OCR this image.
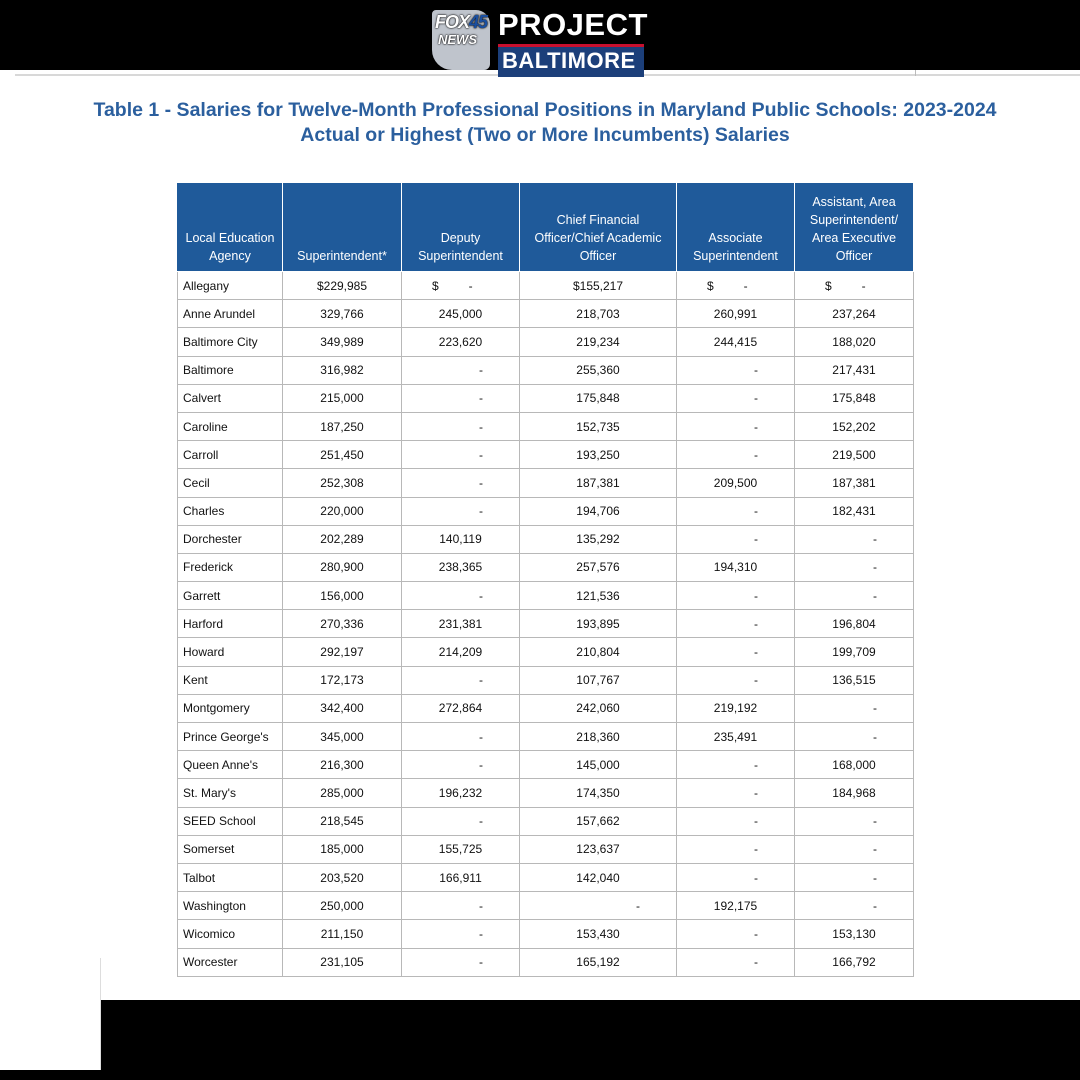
FOX45
NEWS PROJECT
BALTIMORE
Table 1 - Salaries for Twelve-Month Professional Positions in Maryland Public Schools: 2023-2024
Actual or Highest (Two or More Incumbents) Salaries
Local Education Agency	Superintendent*	Deputy Superintendent	Chief Financial Officer/Chief Academic Officer	Associate Superintendent	Assistant, Area Superintendent/ Area Executive Officer
Allegany	$229,985	$         -	$155,217	$         -	$         -
Anne Arundel	329,766	245,000	218,703	260,991	237,264
Baltimore City	349,989	223,620	219,234	244,415	188,020
Baltimore	316,982	-	255,360	-	217,431
Calvert	215,000	-	175,848	-	175,848
Caroline	187,250	-	152,735	-	152,202
Carroll	251,450	-	193,250	-	219,500
Cecil	252,308	-	187,381	209,500	187,381
Charles	220,000	-	194,706	-	182,431
Dorchester	202,289	140,119	135,292	-	-
Frederick	280,900	238,365	257,576	194,310	-
Garrett	156,000	-	121,536	-	-
Harford	270,336	231,381	193,895	-	196,804
Howard	292,197	214,209	210,804	-	199,709
Kent	172,173	-	107,767	-	136,515
Montgomery	342,400	272,864	242,060	219,192	-
Prince George's	345,000	-	218,360	235,491	-
Queen Anne's	216,300	-	145,000	-	168,000
St. Mary's	285,000	196,232	174,350	-	184,968
SEED School	218,545	-	157,662	-	-
Somerset	185,000	155,725	123,637	-	-
Talbot	203,520	166,911	142,040	-	-
Washington	250,000	-	-	192,175	-
Wicomico	211,150	-	153,430	-	153,130
Worcester	231,105	-	165,192	-	166,792
